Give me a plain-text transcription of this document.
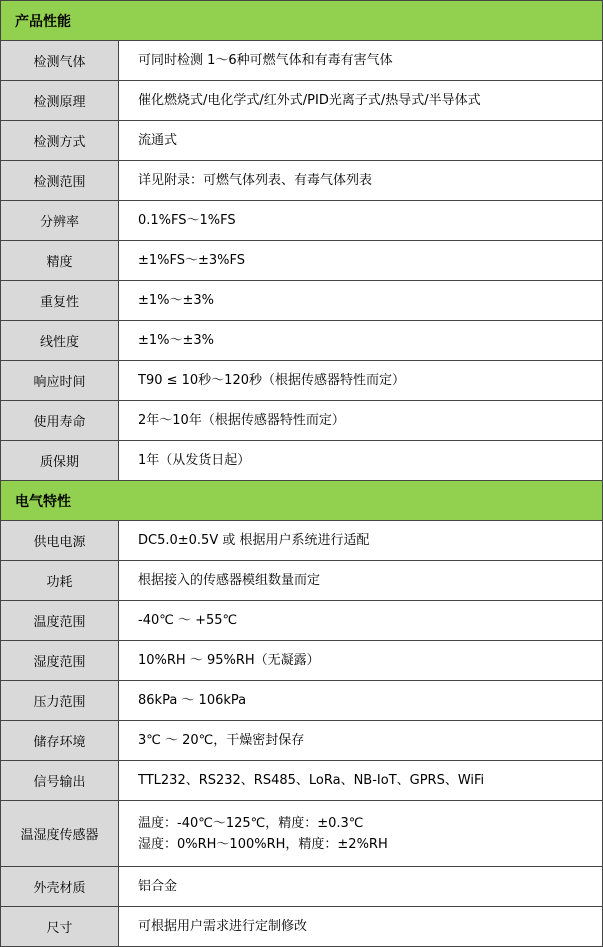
产品性能	
检测气体	可同时检测 1～6种可燃气体和有毒有害气体

检测原理	催化燃烧式/电化学式/红外式/PID光离子式/热导式/半导体式

检测方式	流通式

检测范围	详见附录：可燃气体列表、有毒气体列表

分辨率	0.1%FS～1%FS

精度	±1%FS～±3%FS

重复性	±1%～±3%

线性度	±1%～±3%

响应时间	T90 ≤ 10秒～120秒（根据传感器特性而定）

使用寿命	2年～10年（根据传感器特性而定）

质保期	1年（从发货日起）

电气特性	
供电电源	DC5.0±0.5V 或 根据用户系统进行适配

功耗	根据接入的传感器模组数量而定

温度范围	-40℃ ～ +55℃

湿度范围	10%RH ～ 95%RH（无凝露）

压力范围	86kPa ～ 106kPa

储存环境	3℃ ～ 20℃，干燥密封保存

信号输出	TTL232、RS232、RS485、LoRa、NB-IoT、GPRS、WiFi

温湿度传感器	温度：-40℃～125℃，精度：±0.3℃
湿度：0%RH～100%RH，精度：±2%RH

外壳材质	铝合金

尺寸	可根据用户需求进行定制修改
